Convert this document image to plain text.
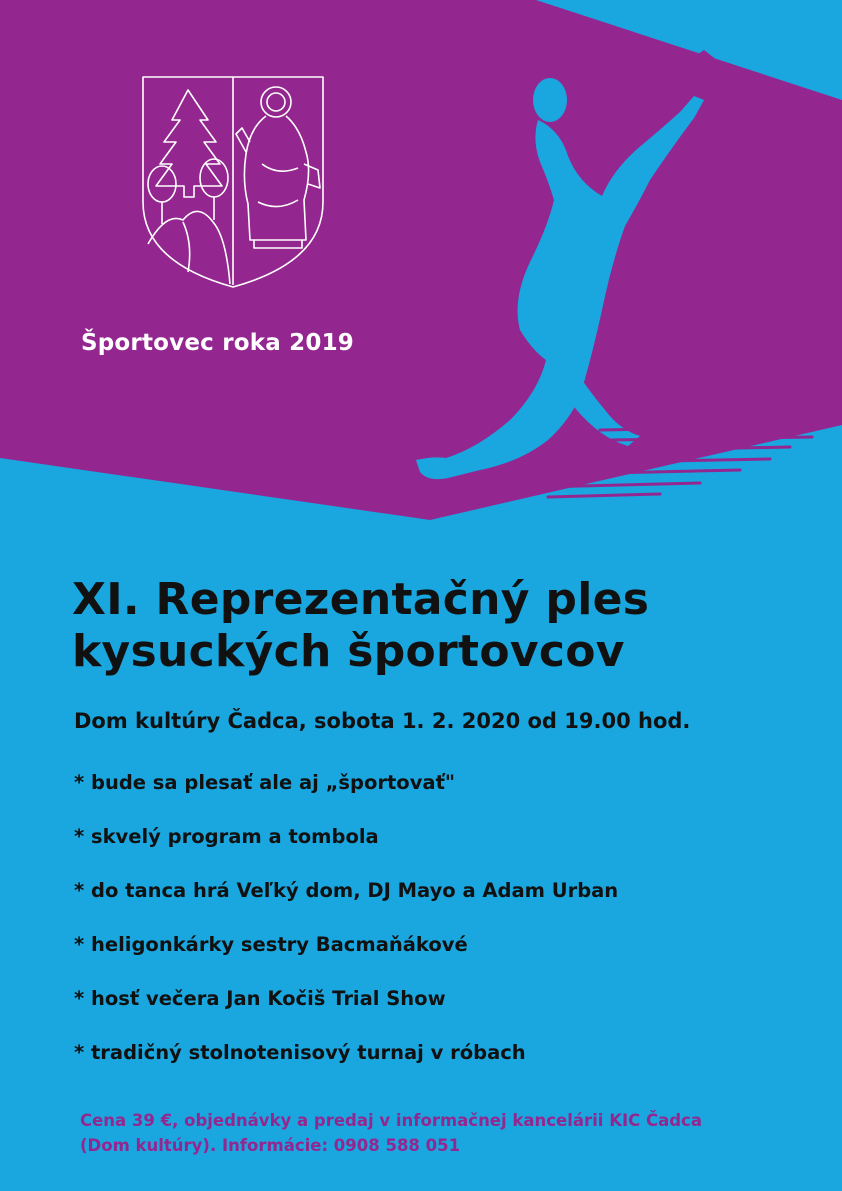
Športovec roka 2019
XI. Reprezentačný ples
kysuckých športovcov
Dom kultúry Čadca, sobota 1. 2. 2020 od 19.00 hod.
* bude sa plesať ale aj „športovať"
* skvelý program a tombola
* do tanca hrá Veľký dom, DJ Mayo a Adam Urban
* heligonkárky sestry Bacmaňákové
* hosť večera Jan Kočiš Trial Show
* tradičný stolnotenisový turnaj v róbach
Cena 39 €, objednávky a predaj v informačnej kancelárii KIC Čadca
(Dom kultúry). Informácie: 0908 588 051
